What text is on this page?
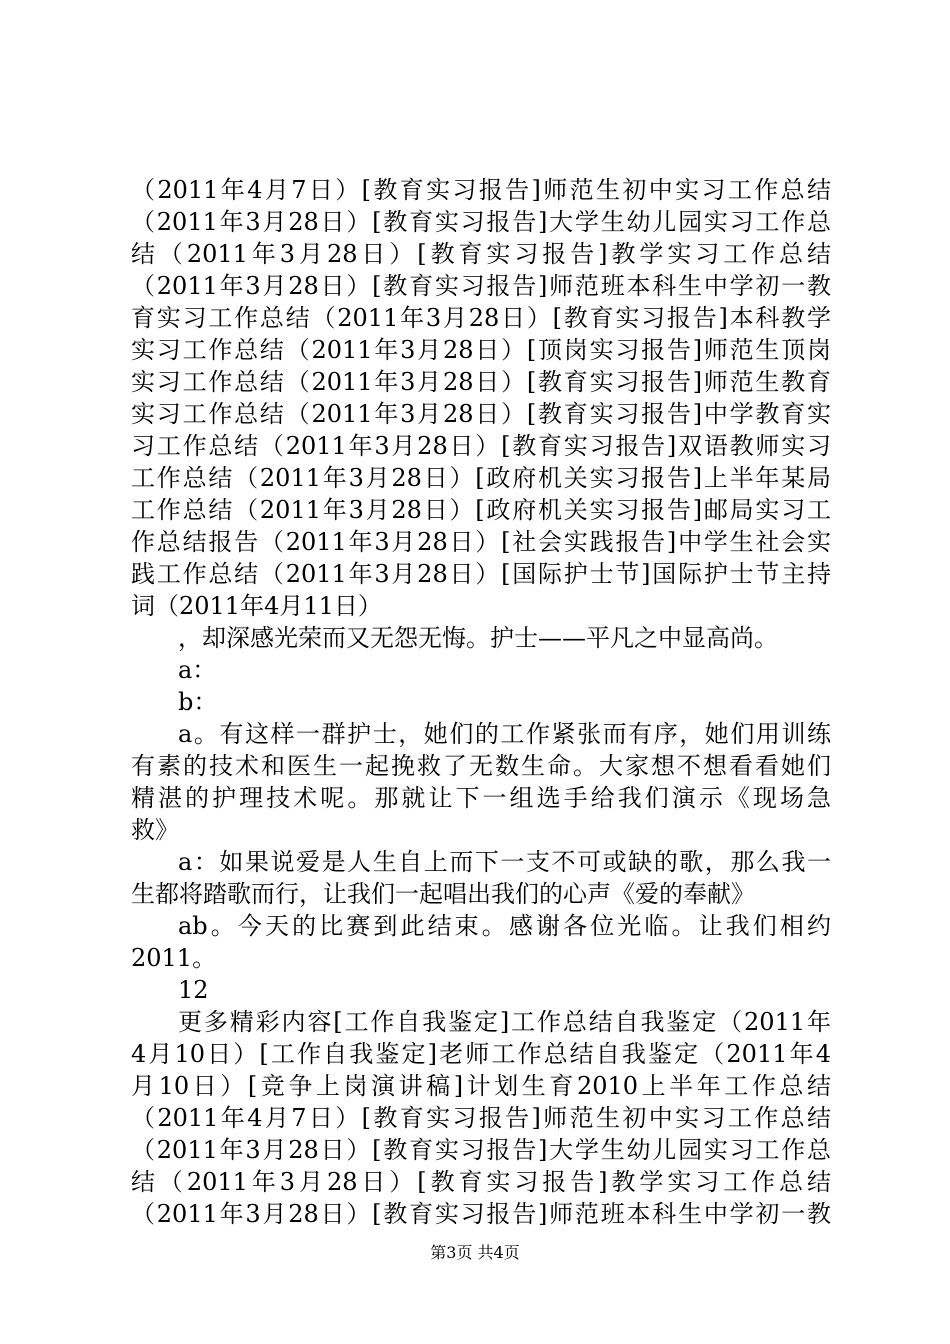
（2011年4月7日）[教育实习报告]师范生初中实习工作总结
（2011年3月28日）[教育实习报告]大学生幼儿园实习工作总
结（2011年3月28日）[教育实习报告]教学实习工作总结
（2011年3月28日）[教育实习报告]师范班本科生中学初一教
育实习工作总结（2011年3月28日）[教育实习报告]本科教学
实习工作总结（2011年3月28日）[顶岗实习报告]师范生顶岗
实习工作总结（2011年3月28日）[教育实习报告]师范生教育
实习工作总结（2011年3月28日）[教育实习报告]中学教育实
习工作总结（2011年3月28日）[教育实习报告]双语教师实习
工作总结（2011年3月28日）[政府机关实习报告]上半年某局
工作总结（2011年3月28日）[政府机关实习报告]邮局实习工
作总结报告（2011年3月28日）[社会实践报告]中学生社会实
践工作总结（2011年3月28日）[国际护士节]国际护士节主持
词（2011年4月11日）
，却深感光荣而又无怨无悔。护士——平凡之中显高尚。
a：
b：
a。有这样一群护士，她们的工作紧张而有序，她们用训练
有素的技术和医生一起挽救了无数生命。大家想不想看看她们
精湛的护理技术呢。那就让下一组选手给我们演示《现场急
救》
a：如果说爱是人生自上而下一支不可或缺的歌，那么我一
生都将踏歌而行，让我们一起唱出我们的心声《爱的奉献》
ab。今天的比赛到此结束。感谢各位光临。让我们相约
2011。
12
更多精彩内容[工作自我鉴定]工作总结自我鉴定（2011年
4月10日）[工作自我鉴定]老师工作总结自我鉴定（2011年4
月10日）[竞争上岗演讲稿]计划生育2010上半年工作总结
（2011年4月7日）[教育实习报告]师范生初中实习工作总结
（2011年3月28日）[教育实习报告]大学生幼儿园实习工作总
结（2011年3月28日）[教育实习报告]教学实习工作总结
（2011年3月28日）[教育实习报告]师范班本科生中学初一教
第3页 共4页
